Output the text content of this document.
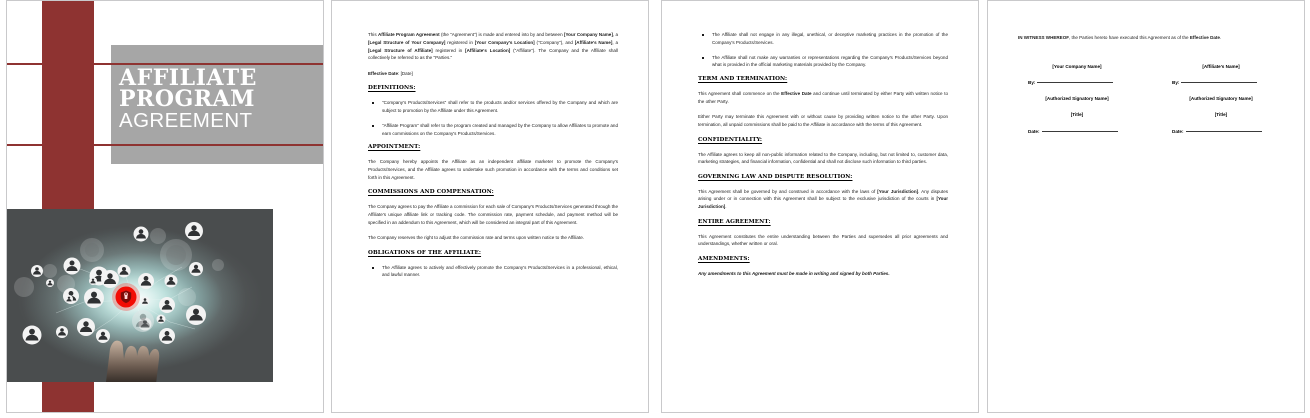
AFFILIATE
PROGRAM
AGREEMENT

This Affiliate Program Agreement (the "Agreement") is made and entered into by and between [Your Company Name], a [Legal Structure of Your Company] registered in [Your Company's Location] ("Company"), and [Affiliate's Name], a [Legal Structure of Affiliate] registered in [Affiliate's Location] ("Affiliate"). The Company and the Affiliate shall collectively be referred to as the "Parties."

Effective Date: [Date]

DEFINITIONS:
"Company's Products/Services" shall refer to the products and/or services offered by the Company and which are subject to promotion by the Affiliate under this Agreement.
"Affiliate Program" shall refer to the program created and managed by the Company to allow Affiliates to promote and earn commissions on the Company's Products/Services.
APPOINTMENT:

The Company hereby appoints the Affiliate as an independent affiliate marketer to promote the Company's Products/Services, and the Affiliate agrees to undertake such promotion in accordance with the terms and conditions set forth in this Agreement.

COMMISSIONS AND COMPENSATION:

The Company agrees to pay the Affiliate a commission for each sale of Company's Products/Services generated through the Affiliate's unique affiliate link or tracking code. The commission rate, payment schedule, and payment method will be specified in an addendum to this Agreement, which will be considered an integral part of this Agreement.

The Company reserves the right to adjust the commission rate and terms upon written notice to the Affiliate.

OBLIGATIONS OF THE AFFILIATE:
The Affiliate agrees to actively and effectively promote the Company's Products/Services in a professional, ethical, and lawful manner.
The Affiliate shall not engage in any illegal, unethical, or deceptive marketing practices in the promotion of the Company's Products/Services.
The Affiliate shall not make any warranties or representations regarding the Company's Products/Services beyond what is provided in the official marketing materials provided by the Company.
TERM AND TERMINATION:

This Agreement shall commence on the Effective Date and continue until terminated by either Party with written notice to the other Party.

Either Party may terminate this Agreement with or without cause by providing written notice to the other Party. Upon termination, all unpaid commissions shall be paid to the Affiliate in accordance with the terms of this Agreement.

CONFIDENTIALITY:

The Affiliate agrees to keep all non-public information related to the Company, including, but not limited to, customer data, marketing strategies, and financial information, confidential and shall not disclose such information to third parties.

GOVERNING LAW AND DISPUTE RESOLUTION:

This Agreement shall be governed by and construed in accordance with the laws of [Your Jurisdiction]. Any disputes arising under or in connection with this Agreement shall be subject to the exclusive jurisdiction of the courts in [Your Jurisdiction].

ENTIRE AGREEMENT:

This Agreement constitutes the entire understanding between the Parties and supersedes all prior agreements and understandings, whether written or oral.

AMENDMENTS:

Any amendments to this Agreement must be made in writing and signed by both Parties.

IN WITNESS WHEREOF, the Parties hereto have executed this Agreement as of the Effective Date.

[Your Company Name]
By:
[Authorized Signatory Name]
[Title]
Date:
[Affiliate's Name]
By:
[Authorized Signatory Name]
[Title]
Date:
